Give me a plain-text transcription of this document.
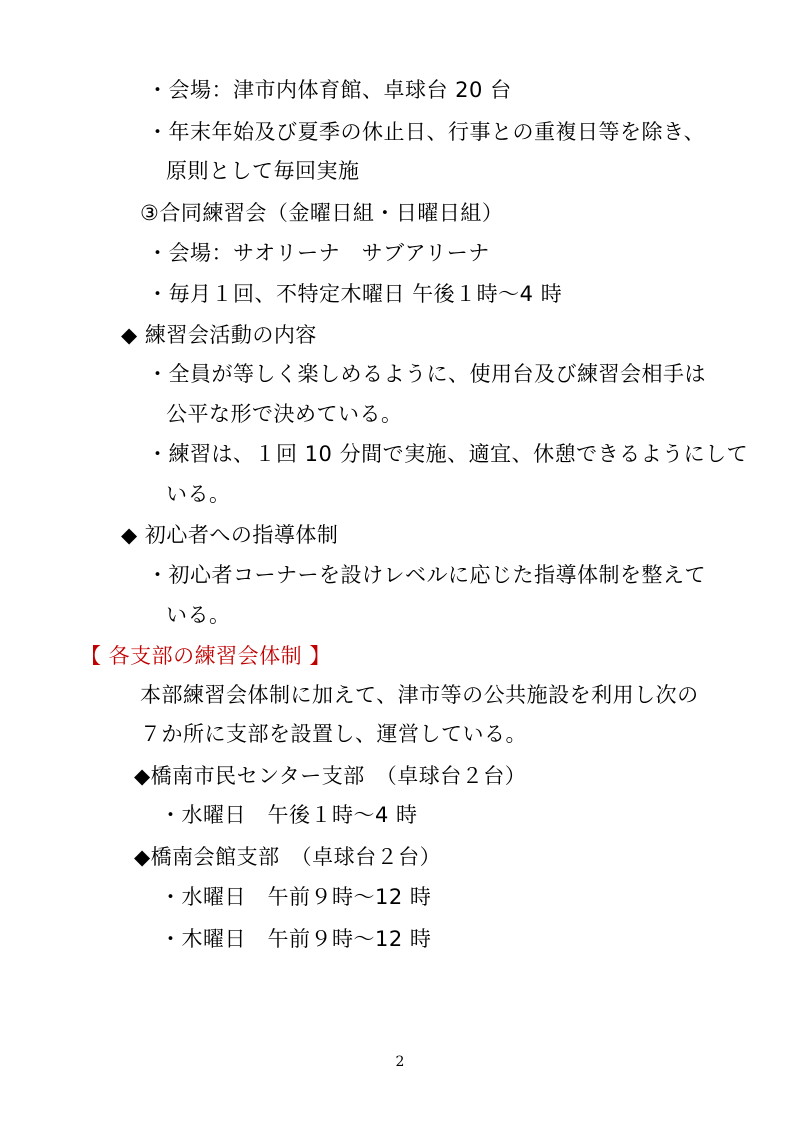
・会場：津市内体育館、卓球台 20 台
・年末年始及び夏季の休止日、行事との重複日等を除き、
原則として毎回実施
③合同練習会（金曜日組・日曜日組）
・会場：サオリーナ　サブアリーナ
・毎月１回、不特定木曜日 午後１時～4 時
◆ 練習会活動の内容
・全員が等しく楽しめるように、使用台及び練習会相手は
公平な形で決めている。
・練習は、１回 10 分間で実施、適宜、休憩できるようにして
いる。
◆ 初心者への指導体制
・初心者コーナーを設けレベルに応じた指導体制を整えて
いる。
【 各支部の練習会体制 】
本部練習会体制に加えて、津市等の公共施設を利用し次の
７か所に支部を設置し、運営している。
◆橋南市民センター支部　（卓球台２台）
・水曜日　午後１時～4 時
◆橋南会館支部　（卓球台２台）
・水曜日　午前９時～12 時
・木曜日　午前９時～12 時
2
